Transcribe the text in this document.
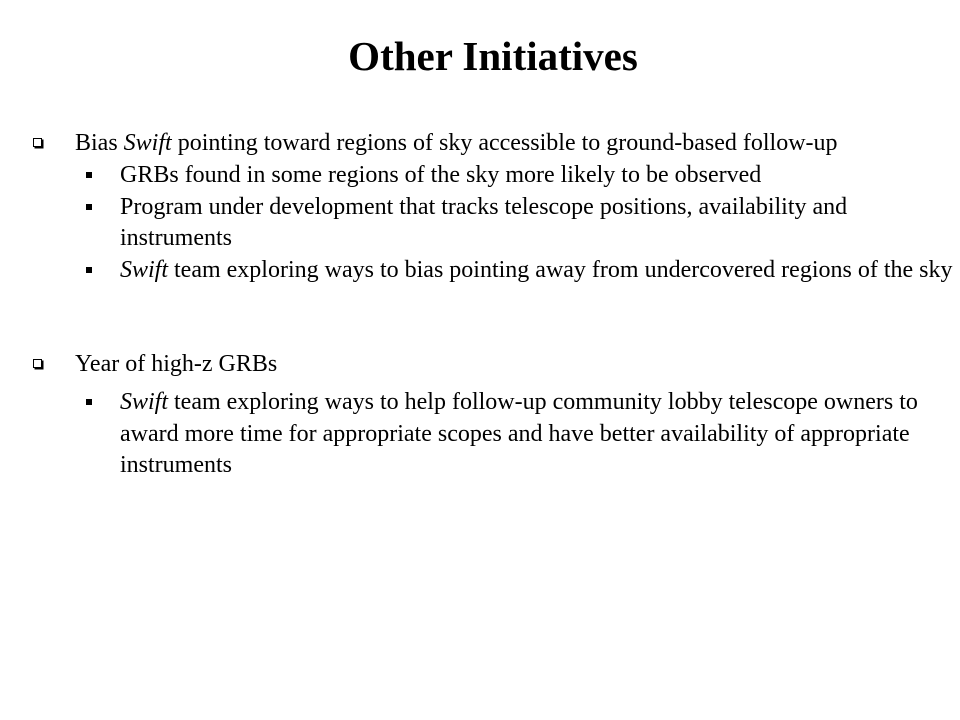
Other Initiatives
Bias Swift pointing toward regions of sky accessible to ground-based follow-up
GRBs found in some regions of the sky more likely to be observed
Program under development that tracks telescope positions, availability and instruments
Swift team exploring ways to bias pointing away from undercovered regions of the sky
Year of high-z GRBs
Swift team exploring ways to help follow-up community lobby telescope owners to award more time for appropriate scopes and have better availability of appropriate instruments
